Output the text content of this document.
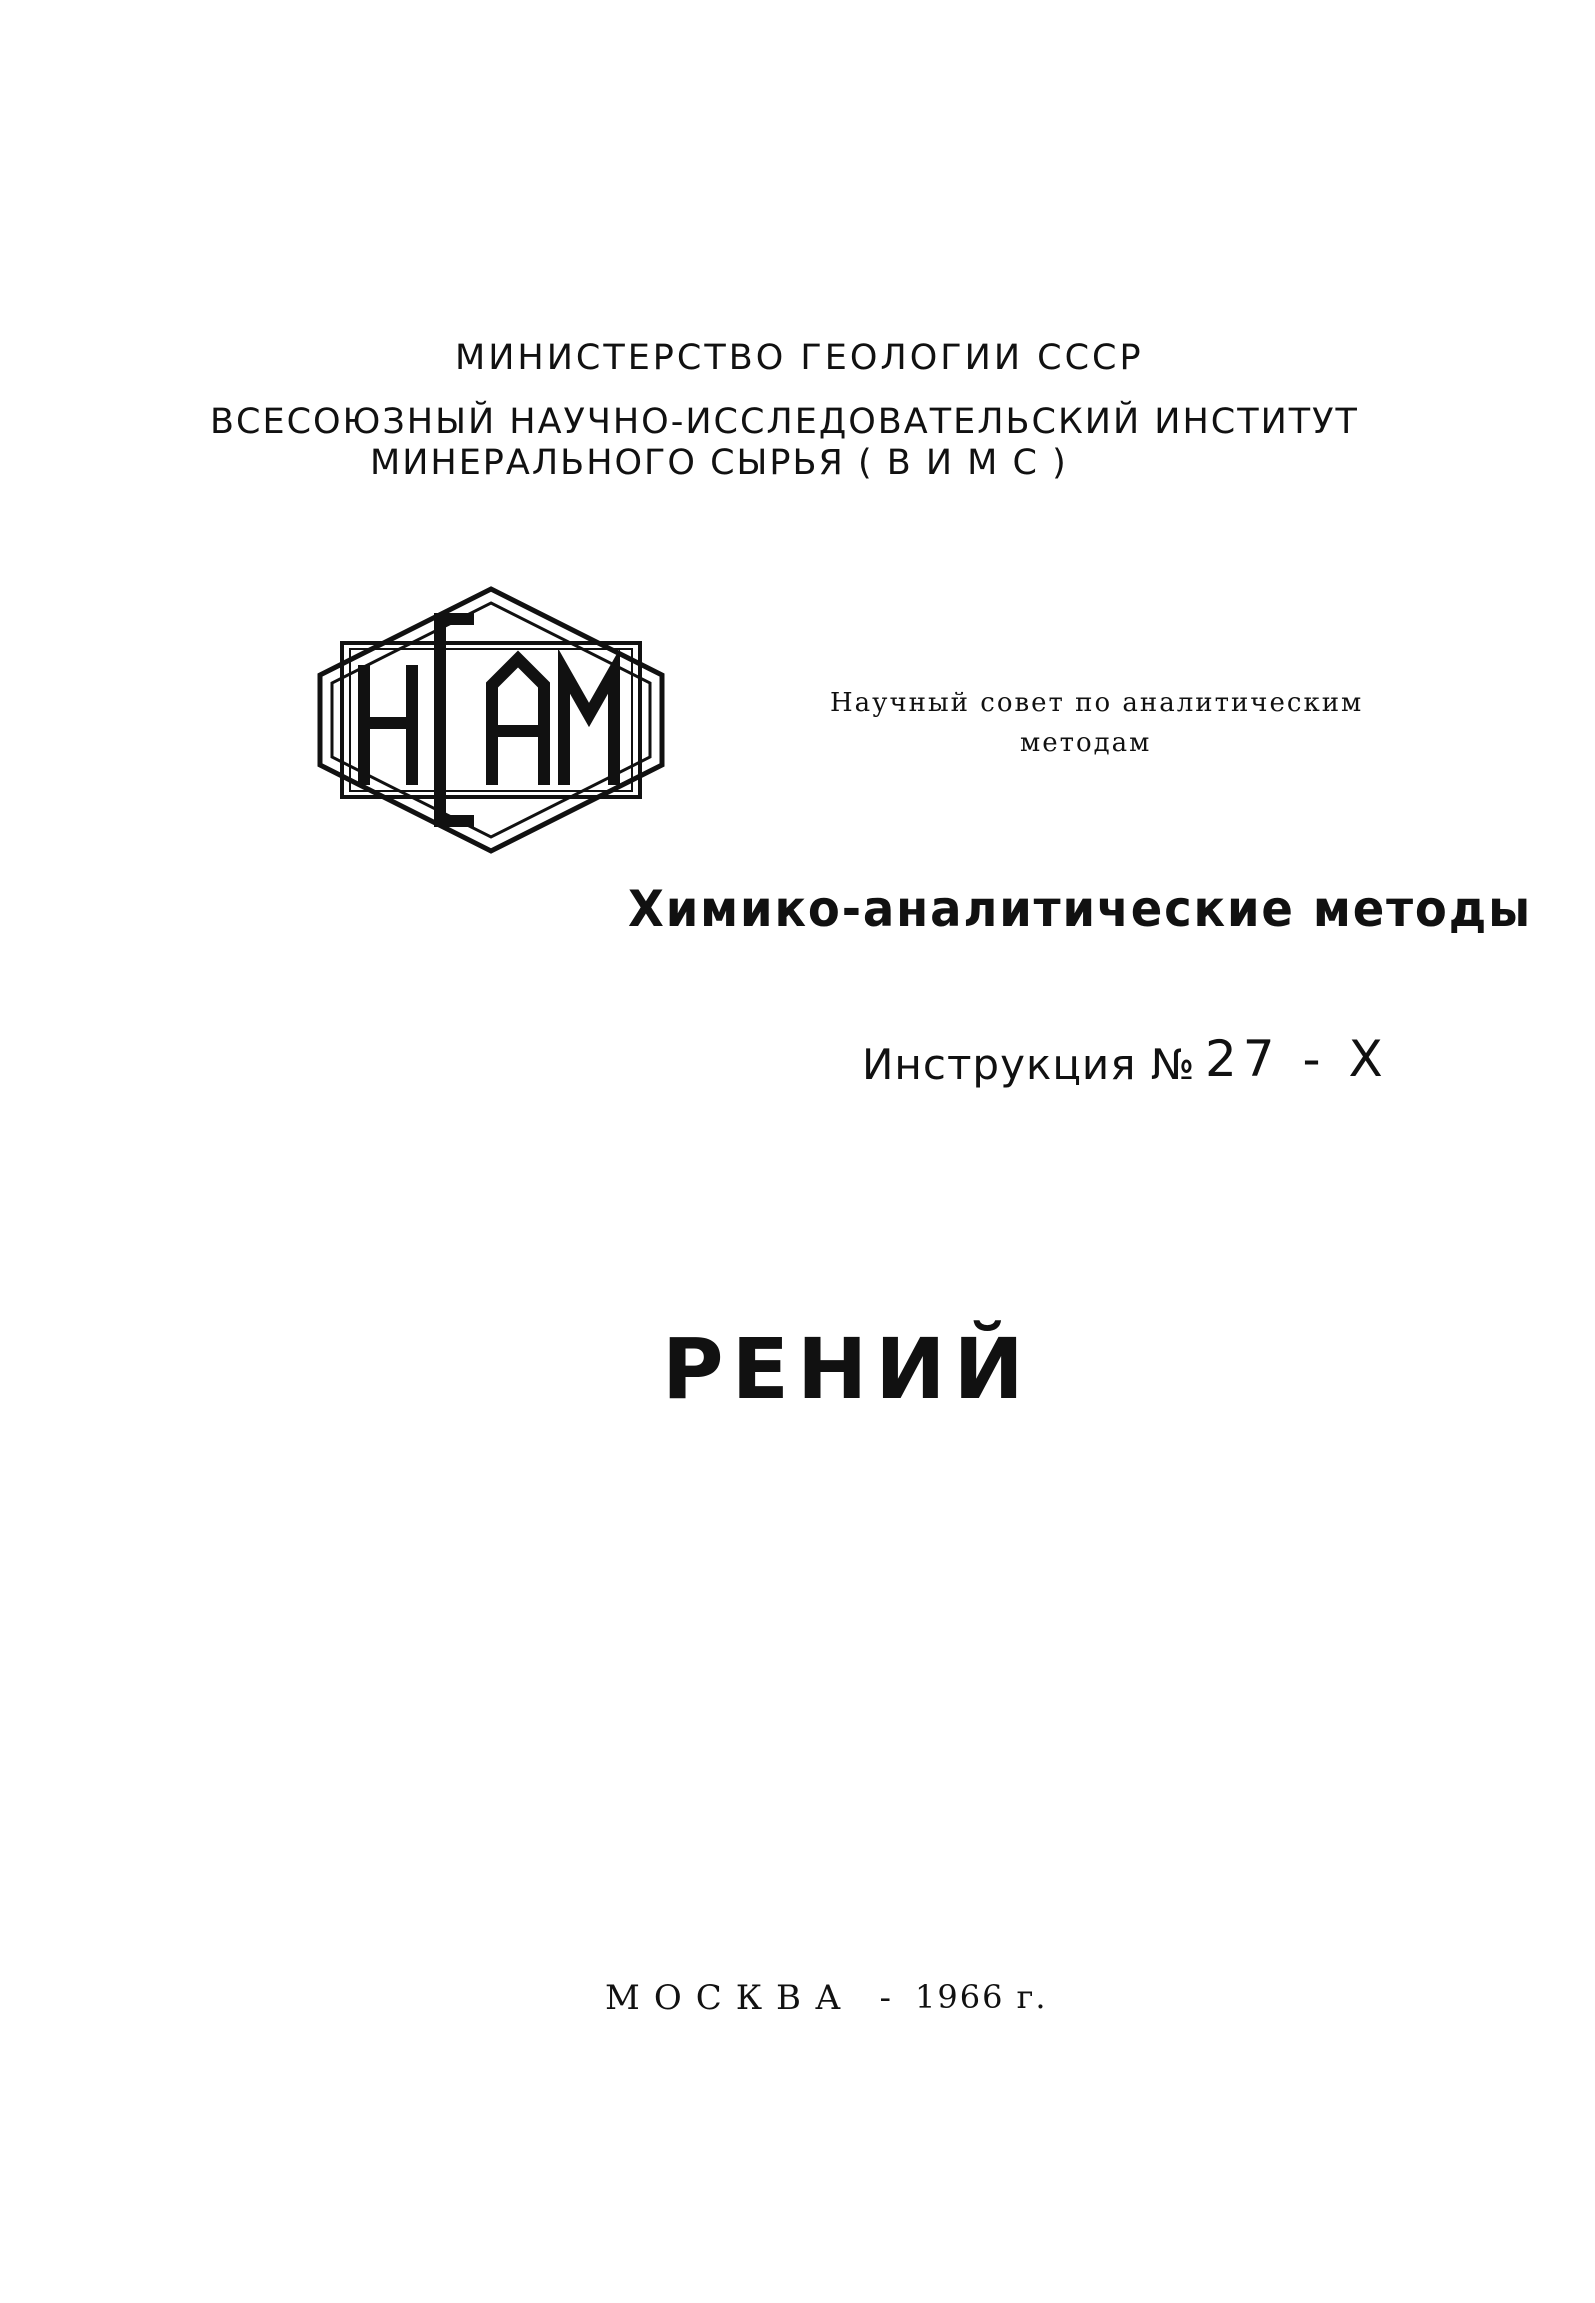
МИНИСТЕРСТВО ГЕОЛОГИИ СССР
ВСЕСОЮЗНЫЙ НАУЧНО-ИССЛЕДОВАТЕЛЬСКИЙ ИНСТИТУТ
МИНЕРАЛЬНОГО СЫРЬЯ ( В И М С )
НСАМ
Научный совет по аналитическим
методам
Химико-аналитические методы
Инструкция № 27 - Х
РЕНИЙ
МОСКВА - 1966 г.
